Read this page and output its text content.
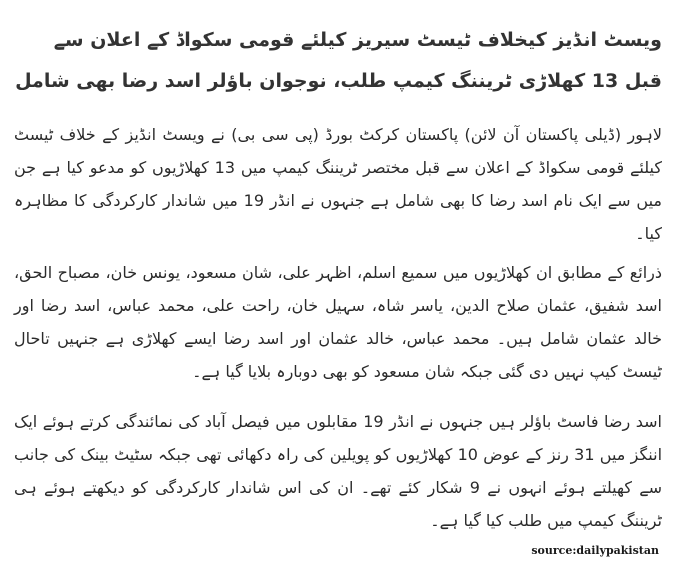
ویسٹ انڈیز کیخلاف ٹیسٹ سیریز کیلئے قومی سکواڈ کے اعلان سے قبل 13 کھلاڑی ٹریننگ کیمپ طلب، نوجوان باؤلر اسد رضا بھی شامل

لاہور (ڈیلی پاکستان آن لائن) پاکستان کرکٹ بورڈ (پی سی بی) نے ویسٹ انڈیز کے خلاف ٹیسٹ کیلئے قومی سکواڈ کے اعلان سے قبل مختصر ٹریننگ کیمپ میں 13 کھلاڑیوں کو مدعو کیا ہے جن میں سے ایک نام اسد رضا کا بھی شامل ہے جنہوں نے انڈر 19 میں شاندار کارکردگی کا مظاہرہ کیا۔

ذرائع کے مطابق ان کھلاڑیوں میں سمیع اسلم، اظہر علی، شان مسعود، یونس خان، مصباح الحق، اسد شفیق، عثمان صلاح الدین، یاسر شاہ، سہیل خان، راحت علی، محمد عباس، اسد رضا اور خالد عثمان شامل ہیں۔ محمد عباس، خالد عثمان اور اسد رضا ایسے کھلاڑی ہے جنہیں تاحال ٹیسٹ کیپ نہیں دی گئی جبکہ شان مسعود کو بھی دوبارہ بلایا گیا ہے۔

اسد رضا فاسٹ باؤلر ہیں جنہوں نے انڈر 19 مقابلوں میں فیصل آباد کی نمائندگی کرتے ہوئے ایک اننگز میں 31 رنز کے عوض 10 کھلاڑیوں کو پویلین کی راہ دکھائی تھی جبکہ سٹیٹ بینک کی جانب سے کھیلتے ہوئے انہوں نے 9 شکار کئے تھے۔ ان کی اس شاندار کارکردگی کو دیکھتے ہوئے ہی ٹریننگ کیمپ میں طلب کیا گیا ہے۔

source:dailypakistan
